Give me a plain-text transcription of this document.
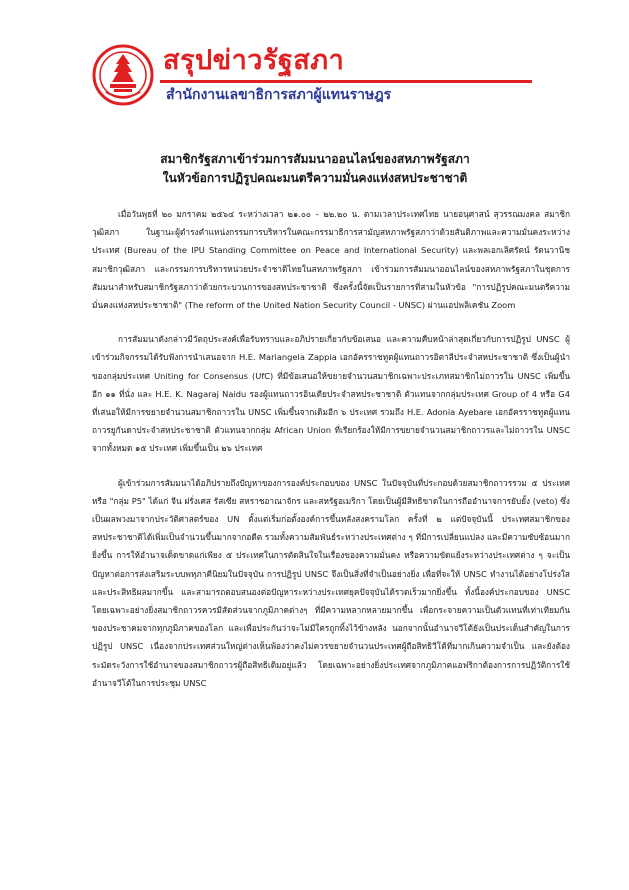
สรุปข่าวรัฐสภา
สำนักงานเลขาธิการสภาผู้แทนราษฎร
สมาชิกรัฐสภาเข้าร่วมการสัมมนาออนไลน์ของสหภาพรัฐสภา
ในหัวข้อการปฏิรูปคณะมนตรีความมั่นคงแห่งสหประชาชาติ

เมื่อวันพุธที่ ๒๐ มกราคม ๒๕๖๔ ระหว่างเวลา ๒๑.๐๐ – ๒๒.๒๐ น. ตามเวลาประเทศไทย นายอนุศาสน์ สุวรรณมงคล สมาชิกวุฒิสภา ในฐานะผู้ดำรงตำแหน่งกรรมการบริหารในคณะกรรมาธิการสามัญสหภาพรัฐสภาว่าด้วยสันติภาพและความมั่นคงระหว่างประเทศ (Bureau of the IPU Standing Committee on Peace and International Security) และพลเอกเลิศรัตน์ รัตนวานิช สมาชิกวุฒิสภา และกรรมการบริหารหน่วยประจำชาติไทยในสหภาพรัฐสภา เข้าร่วมการสัมมนาออนไลน์ของสหภาพรัฐสภาในชุดการสัมมนาสำหรับสมาชิกรัฐสภาว่าด้วยกระบวนการของสหประชาชาติ ซึ่งครั้งนี้จัดเป็นรายการที่สามในหัวข้อ "การปฏิรูปคณะมนตรีความมั่นคงแห่งสหประชาชาติ" (The reform of the United Nation Security Council - UNSC) ผ่านแอปพลิเคชัน Zoom

การสัมมนาดังกล่าวมีวัตถุประสงค์เพื่อรับทราบและอภิปรายเกี่ยวกับข้อเสนอ และความคืบหน้าล่าสุดเกี่ยวกับการปฏิรูป UNSC ผู้เข้าร่วมกิจกรรมได้รับฟังการนำเสนอจาก H.E. Mariangela Zappia เอกอัครราชทูตผู้แทนถาวรอิตาลีประจำสหประชาชาติ ซึ่งเป็นผู้นำของกลุ่มประเทศ Uniting for Consensus (UfC) ที่มีข้อเสนอให้ขยายจำนวนสมาชิกเฉพาะประเภทสมาชิกไม่ถาวรใน UNSC เพิ่มขึ้นอีก ๑๑ ที่นั่ง และ H.E. K. Nagaraj Naidu รองผู้แทนถาวรอินเดียประจำสหประชาชาติ ตัวแทนจากกลุ่มประเทศ Group of 4 หรือ G4 ที่เสนอให้มีการขยายจำนวนสมาชิกถาวรใน UNSC เพิ่มขึ้นจากเดิมอีก ๖ ประเทศ รวมถึง H.E. Adonia Ayebare เอกอัครราชทูตผู้แทนถาวรยูกันดาประจำสหประชาชาติ ตัวแทนจากกลุ่ม African Union ที่เรียกร้องให้มีการขยายจำนวนสมาชิกถาวรและไม่ถาวรใน UNSC จากทั้งหมด ๑๕ ประเทศ เพิ่มขึ้นเป็น ๒๖ ประเทศ

ผู้เข้าร่วมการสัมมนาได้อภิปรายถึงปัญหาของการองค์ประกอบของ UNSC ในปัจจุบันที่ประกอบด้วยสมาชิกถาวรรวม ๕ ประเทศ หรือ "กลุ่ม P5" ได้แก่ จีน ฝรั่งเศส รัสเซีย สหราชอาณาจักร และสหรัฐอเมริกา โดยเป็นผู้มีสิทธิขาดในการถืออำนาจการยับยั้ง (veto) ซึ่งเป็นผลพวงมาจากประวัติศาสตร์ของ UN ตั้งแต่เริ่มก่อตั้งองค์การขึ้นหลังสงครามโลก ครั้งที่ ๒ แต่ปัจจุบันนี้ ประเทศสมาชิกของสหประชาชาติได้เพิ่มเป็นจำนวนขึ้นมากจากอดีต รวมทั้งความสัมพันธ์ระหว่างประเทศต่าง ๆ ที่มีการเปลี่ยนแปลง และมีความซับซ้อนมากยิ่งขึ้น การให้อำนาจเด็ดขาดแก่เพียง ๕ ประเทศในการตัดสินใจในเรื่องของความมั่นคง หรือความขัดแย้งระหว่างประเทศต่าง ๆ จะเป็นปัญหาต่อการส่งเสริมระบบพหุภาคีนิยมในปัจจุบัน การปฏิรูป UNSC จึงเป็นสิ่งที่จำเป็นอย่างยิ่ง เพื่อที่จะให้ UNSC ทำงานได้อย่างโปร่งใสและประสิทธิผลมากขึ้น และสามารถตอบสนองต่อปัญหาระหว่างประเทศยุคปัจจุบันได้รวดเร็วมากยิ่งขึ้น ทั้งนี้องค์ประกอบของ UNSC โดยเฉพาะอย่างยิ่งสมาชิกถาวรควรมีสัดส่วนจากภูมิภาคต่างๆ ที่มีความหลากหลายมากขึ้น เพื่อกระจายความเป็นตัวแทนที่เท่าเทียมกันของประชาคมจากทุกภูมิภาคของโลก และเพื่อประกันว่าจะไม่มีใครถูกทิ้งไว้ข้างหลัง นอกจากนั้นอำนาจวีโต้ยังเป็นประเด็นสำคัญในการปฏิรูป UNSC เนื่องจากประเทศส่วนใหญ่ต่างเห็นพ้องว่าคงไม่ควรขยายจำนวนประเทศผู้ถือสิทธิวีโต้ที่มากเกินความจำเป็น และยังต้องระมัดระวังการใช้อำนาจของสมาชิกถาวรผู้ถือสิทธิเดิมอยู่แล้ว โดยเฉพาะอย่างยิ่งประเทศจากภูมิภาคแอฟริกาต้องการการปฏิวัติการใช้อำนาจวีโต้ในการประชุม UNSC
